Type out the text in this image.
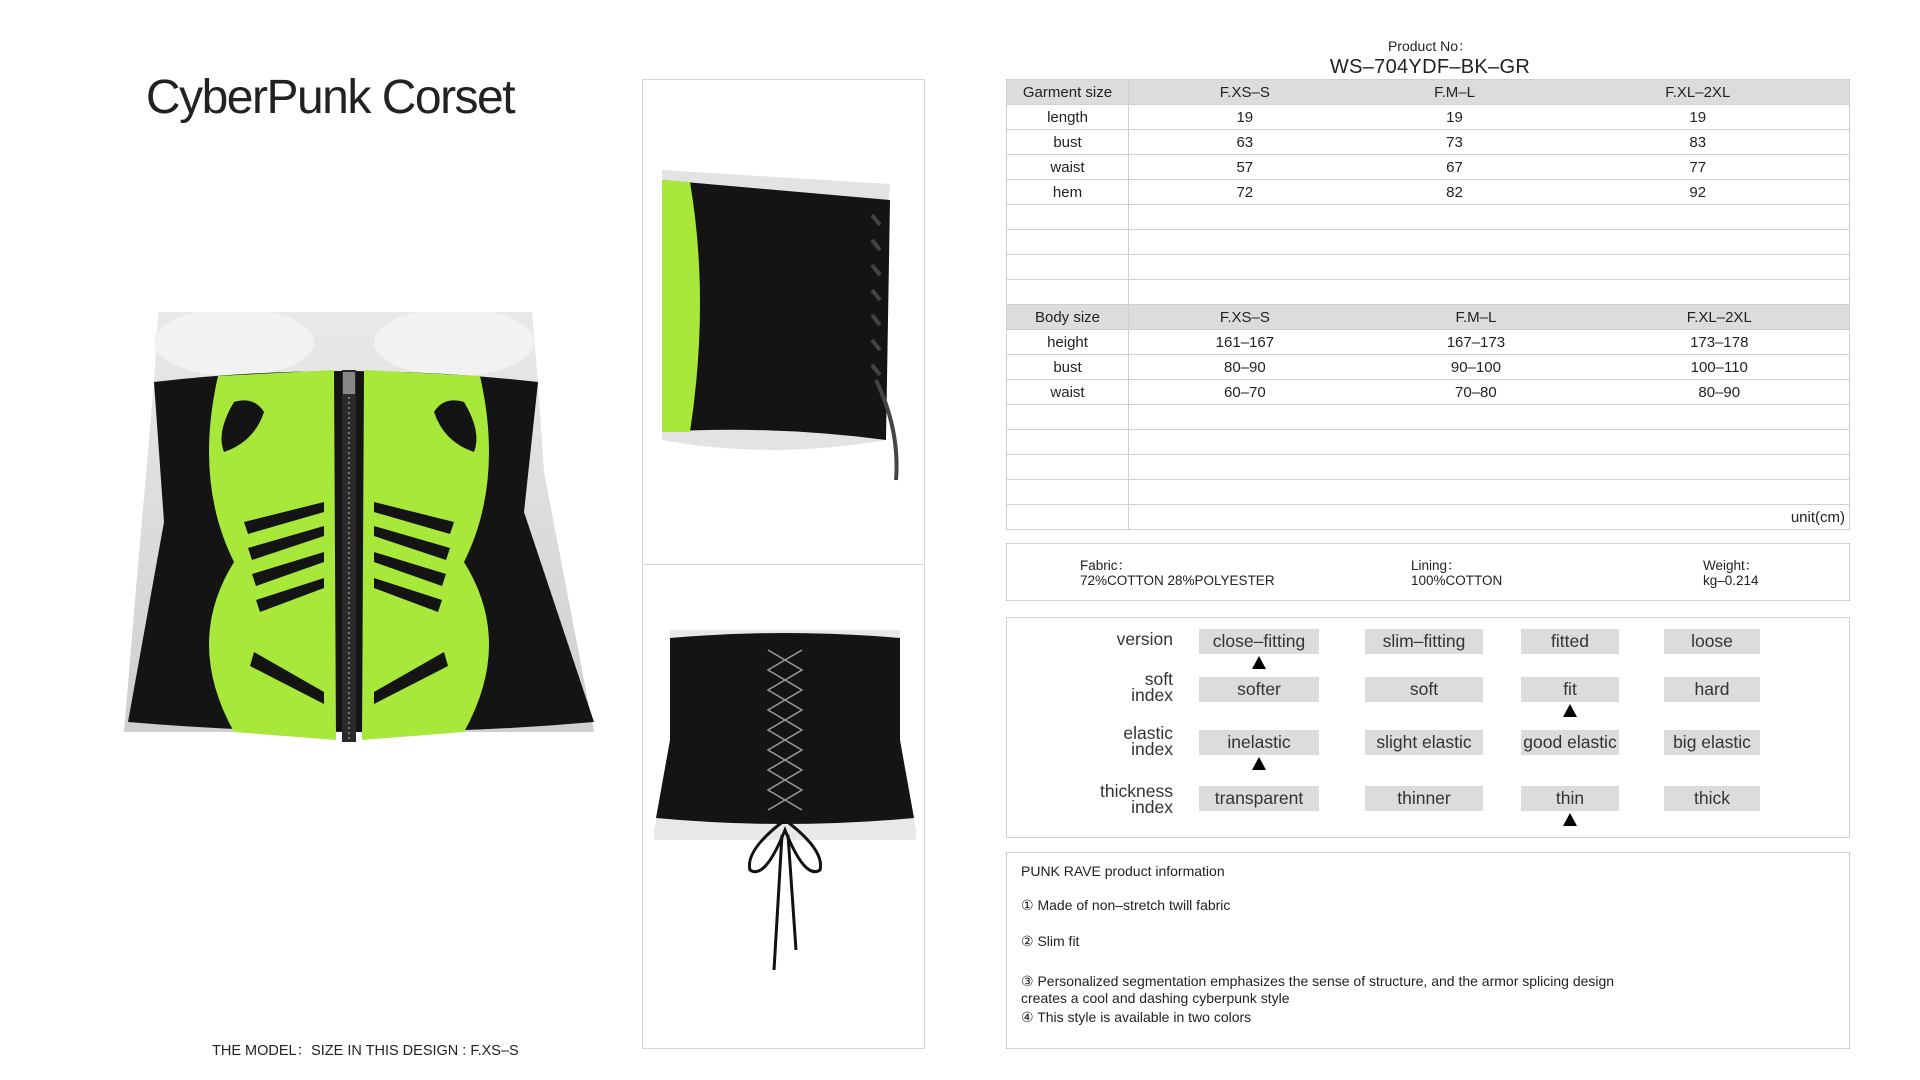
CyberPunk Corset
THE MODEL：SIZE IN THIS DESIGN : F.XS–S
Product No：
WS–704YDF–BK–GR
Garment size	F.XS–S	F.M–L	F.XL–2XL	
length	19	19	19	
bust	63	73	83	
waist	57	67	77	
hem	72	82	92	

Body size	F.XS–S	F.M–L	F.XL–2XL	
height	161–167	167–173	173–178	
bust	80–90	90–100	100–110	
waist	60–70	70–80	80–90	

	unit(cm)			
Fabric：
72%COTTON 28%POLYESTER
Lining：
100%COTTON
Weight：
kg–0.214
version	close–fitting	slim–fitting	fitted	loose
soft
index	softer	soft	fit	hard
elastic
index	inelastic	slight elastic	good elastic	big elastic
thickness
index	transparent	thinner	thin	thick
PUNK RAVE product information
① Made of non–stretch twill fabric
② Slim fit
③ Personalized segmentation emphasizes the sense of structure, and the armor splicing design creates a cool and dashing cyberpunk style
④ This style is available in two colors
